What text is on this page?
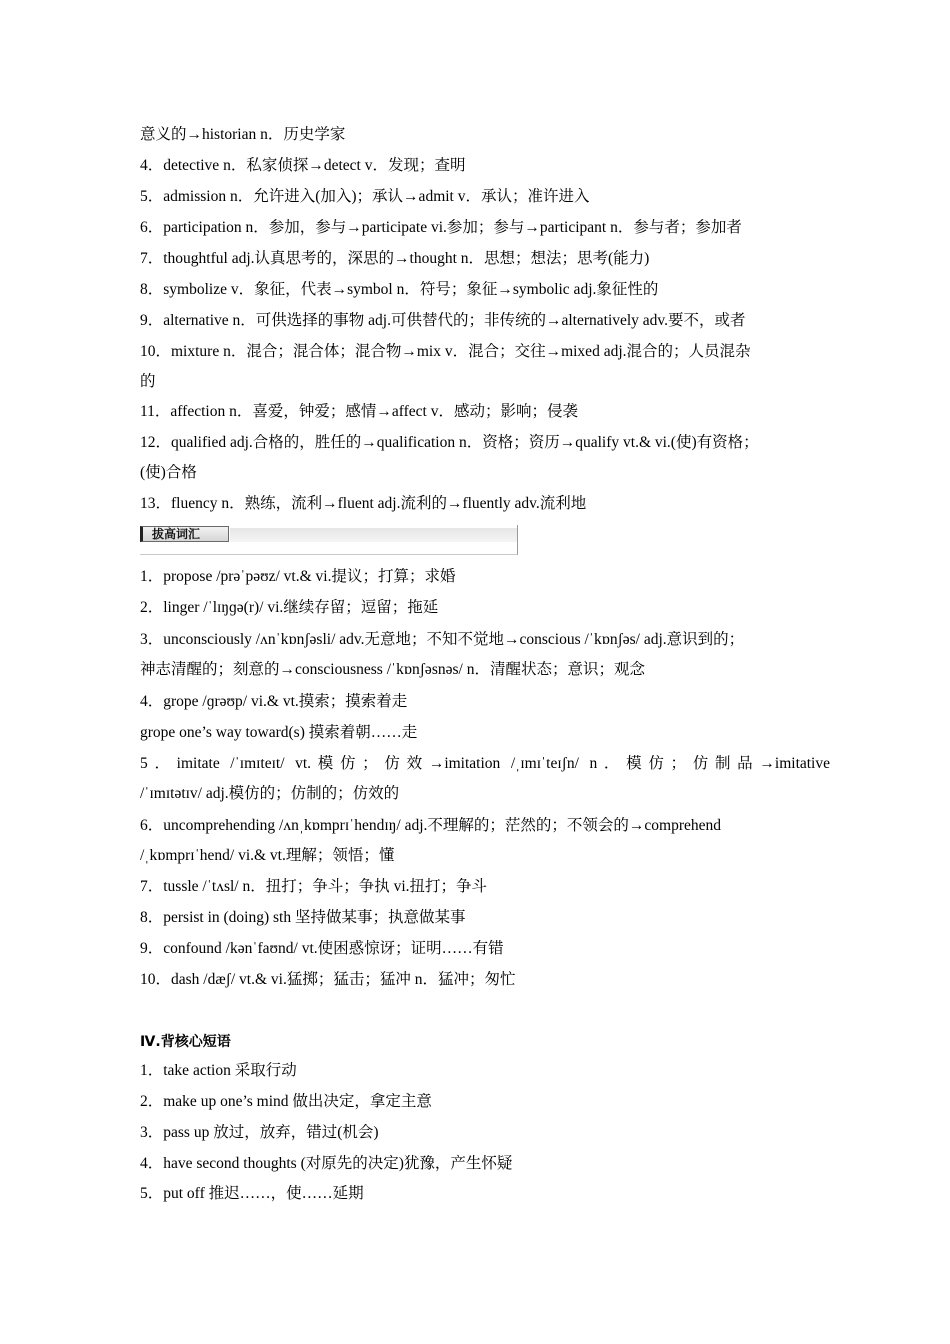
意义的→historian n．历史学家
4．detective n．私家侦探→detect v．发现；查明
5．admission n．允许进入(加入)；承认→admit v．承认；准许进入
6．participation n．参加，参与→participate vi.参加；参与→participant n．参与者；参加者
7．thoughtful adj.认真思考的，深思的→thought n．思想；想法；思考(能力)
8．symbolize v．象征，代表→symbol n．符号；象征→symbolic adj.象征性的
9．alternative n．可供选择的事物 adj.可供替代的；非传统的→alternatively adv.要不，或者
10．mixture n．混合；混合体；混合物→mix v．混合；交往→mixed adj.混合的；人员混杂
的
11．affection n．喜爱，钟爱；感情→affect v．感动；影响；侵袭
12．qualified adj.合格的，胜任的→qualification n．资格；资历→qualify vt.& vi.(使)有资格；
(使)合格
13．fluency n．熟练，流利→fluent adj.流利的→fluently adv.流利地
拔高词汇
1．propose /prəˈpəʊz/ vt.& vi.提议；打算；求婚
2．linger /ˈlɪŋɡə(r)/ vi.继续存留；逗留；拖延
3．unconsciously /ʌnˈkɒnʃəsli/ adv.无意地；不知不觉地→conscious /ˈkɒnʃəs/ adj.意识到的；
神志清醒的；刻意的→consciousness /ˈkɒnʃəsnəs/ n．清醒状态；意识；观念
4．grope /ɡrəʊp/ vi.& vt.摸索；摸索着走
grope one’s way toward(s) 摸索着朝……走
5．imitate /ˈɪmɪteɪt/ vt.模仿；仿效→imitation /ˌɪmɪˈteɪʃn/ n．模仿；仿制品→imitative
/ˈɪmɪtətɪv/ adj.模仿的；仿制的；仿效的
6．uncomprehending /ʌnˌkɒmprɪˈhendɪŋ/ adj.不理解的；茫然的；不领会的→comprehend
/ˌkɒmprɪˈhend/ vi.& vt.理解；领悟；懂
7．tussle /ˈtʌsl/ n．扭打；争斗；争执 vi.扭打；争斗
8．persist in (doing) sth 坚持做某事；执意做某事
9．confound /kənˈfaʊnd/ vt.使困惑惊讶；证明……有错
10．dash /dæʃ/ vt.& vi.猛掷；猛击；猛冲 n．猛冲；匆忙
Ⅳ.背核心短语
1．take action 采取行动
2．make up one’s mind 做出决定，拿定主意
3．pass up 放过，放弃，错过(机会)
4．have second thoughts (对原先的决定)犹豫，产生怀疑
5．put off 推迟……，使……延期
